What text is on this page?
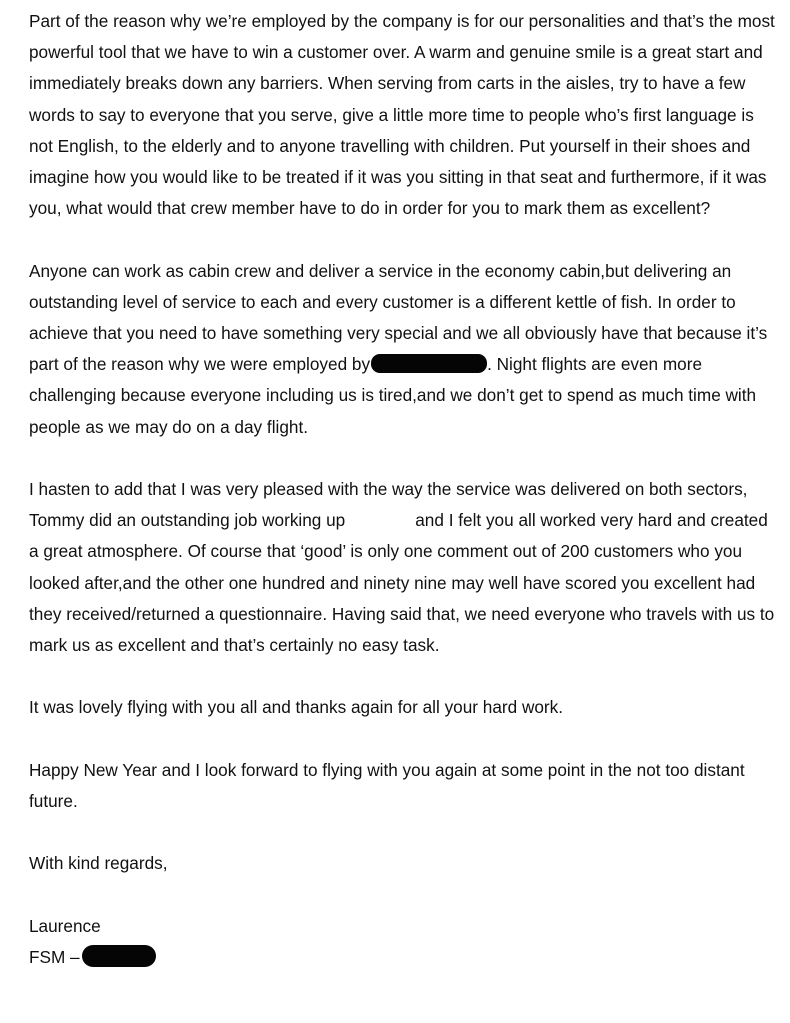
Part of the reason why we’re employed by the company is for our personalities and that’s the most powerful tool that we have to win a customer over. A warm and genuine smile is a great start and immediately breaks down any barriers. When serving from carts in the aisles, try to have a few words to say to everyone that you serve, give a little more time to people who’s first language is not English, to the elderly and to anyone travelling with children. Put yourself in their shoes and imagine how you would like to be treated if it was you sitting in that seat and furthermore, if it was you, what would that crew member have to do in order for you to mark them as excellent?

Anyone can work as cabin crew and deliver a service in the economy cabin,but delivering an outstanding level of service to each and every customer is a different kettle of fish. In order to achieve that you need to have something very special and we all obviously have that because it’s part of the reason why we were employed by	. Night flights are even more challenging because everyone including us is tired,and we don’t get to spend as much time with people as we may do on a day flight.

I hasten to add that I was very pleased with the way the service was delivered on both sectors, Tommy did an outstanding job working up	and I felt you all worked very hard and created a great atmosphere. Of course that ‘good’ is only one comment out of 200 customers who you looked after,and the other one hundred and ninety nine may well have scored you excellent had they received/returned a questionnaire. Having said that, we need everyone who travels with us to mark us as excellent and that’s certainly no easy task.

It was lovely flying with you all and thanks again for all your hard work.

Happy New Year and I look forward to flying with you again at some point in the not too distant future.

With kind regards,

Laurence

FSM –
